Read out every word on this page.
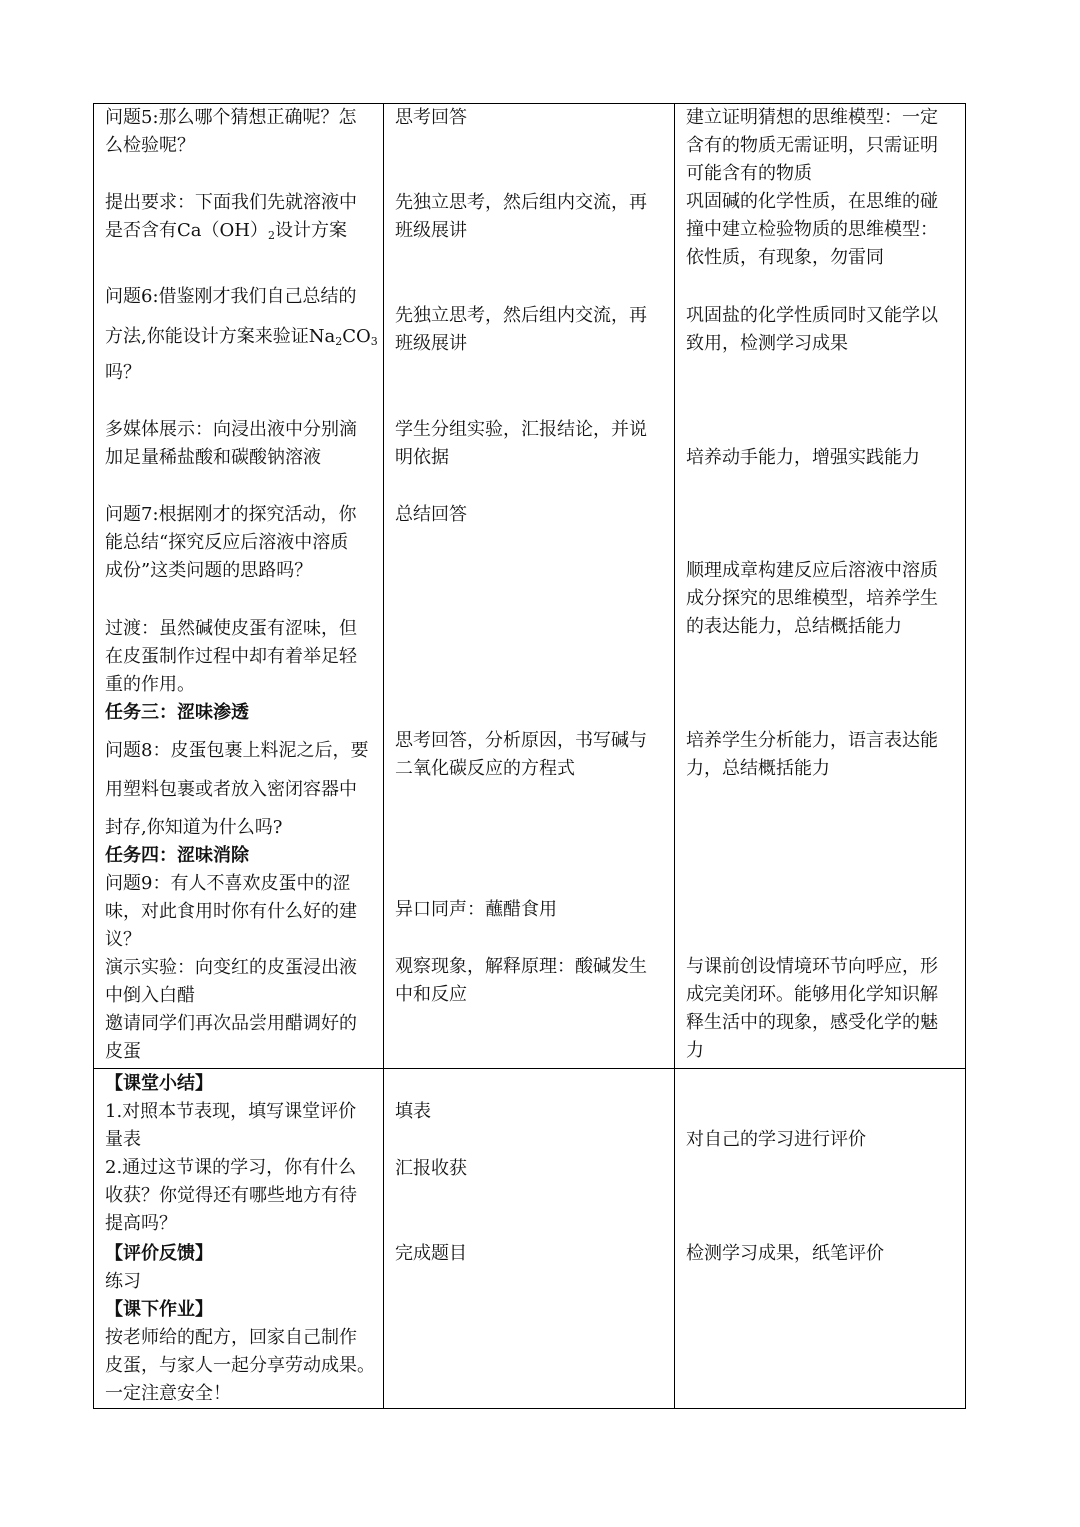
问题5:那么哪个猜想正确呢？怎
么检验呢？
提出要求：下面我们先就溶液中
是否含有$Ca(OH)_2$设计方案
问题6:借鉴刚才我们自己总结的
方法,你能设计方案来验证$Na_2CO_3$
吗？
多媒体展示：向浸出液中分别滴
加足量稀盐酸和碳酸钠溶液
问题7:根据刚才的探究活动，你
能总结“探究反应后溶液中溶质
成份”这类问题的思路吗？
过渡：虽然碱使皮蛋有涩味，但
在皮蛋制作过程中却有着举足轻
重的作用。
任务三：涩味渗透
问题8：皮蛋包裹上料泥之后，要
用塑料包裹或者放入密闭容器中
封存,你知道为什么吗?
任务四：涩味消除
问题9：有人不喜欢皮蛋中的涩
味，对此食用时你有什么好的建
议？
演示实验：向变红的皮蛋浸出液
中倒入白醋
邀请同学们再次品尝用醋调好的
皮蛋
思考回答
先独立思考，然后组内交流，再
班级展讲
先独立思考，然后组内交流，再
班级展讲
学生分组实验，汇报结论，并说
明依据
总结回答
思考回答，分析原因，书写碱与
二氧化碳反应的方程式
异口同声：蘸醋食用
观察现象，解释原理：酸碱发生
中和反应
建立证明猜想的思维模型：一定
含有的物质无需证明，只需证明
可能含有的物质
巩固碱的化学性质，在思维的碰
撞中建立检验物质的思维模型：
依性质，有现象，勿雷同
巩固盐的化学性质同时又能学以
致用，检测学习成果
培养动手能力，增强实践能力
顺理成章构建反应后溶液中溶质
成分探究的思维模型，培养学生
的表达能力，总结概括能力
培养学生分析能力，语言表达能
力，总结概括能力
与课前创设情境环节向呼应，形
成完美闭环。能够用化学知识解
释生活中的现象，感受化学的魅
力
【课堂小结】
1.对照本节表现，填写课堂评价
量表
2.通过这节课的学习，你有什么
收获？你觉得还有哪些地方有待
提高吗？
【评价反馈】
练习
【课下作业】
按老师给的配方，回家自己制作
皮蛋，与家人一起分享劳动成果。
一定注意安全！
填表
汇报收获
完成题目
对自己的学习进行评价
检测学习成果，纸笔评价
